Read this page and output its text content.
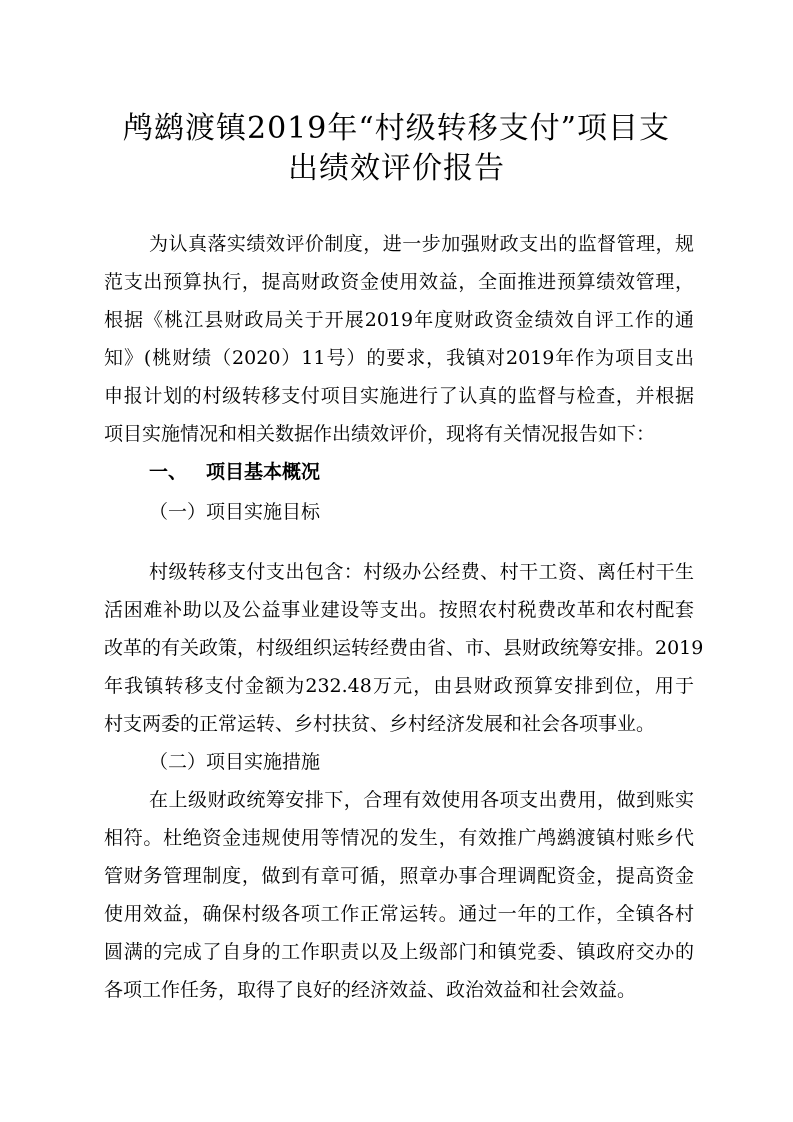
鸬鹚渡镇2019年“村级转移支付”项目支
出绩效评价报告
为认真落实绩效评价制度，进一步加强财政支出的监督管理，规
范支出预算执行，提高财政资金使用效益，全面推进预算绩效管理，
根据《桃江县财政局关于开展2019年度财政资金绩效自评工作的通
知》(桃财绩（2020）11号）的要求，我镇对2019年作为项目支出
申报计划的村级转移支付项目实施进行了认真的监督与检查，并根据
项目实施情况和相关数据作出绩效评价，现将有关情况报告如下：
一、 项目基本概况
（一）项目实施目标
村级转移支付支出包含：村级办公经费、村干工资、离任村干生
活困难补助以及公益事业建设等支出。按照农村税费改革和农村配套
改革的有关政策，村级组织运转经费由省、市、县财政统筹安排。2019
年我镇转移支付金额为232.48万元，由县财政预算安排到位，用于
村支两委的正常运转、乡村扶贫、乡村经济发展和社会各项事业。
（二）项目实施措施
在上级财政统筹安排下，合理有效使用各项支出费用，做到账实
相符。杜绝资金违规使用等情况的发生，有效推广鸬鹚渡镇村账乡代
管财务管理制度，做到有章可循，照章办事合理调配资金，提高资金
使用效益，确保村级各项工作正常运转。通过一年的工作，全镇各村
圆满的完成了自身的工作职责以及上级部门和镇党委、镇政府交办的
各项工作任务，取得了良好的经济效益、政治效益和社会效益。
